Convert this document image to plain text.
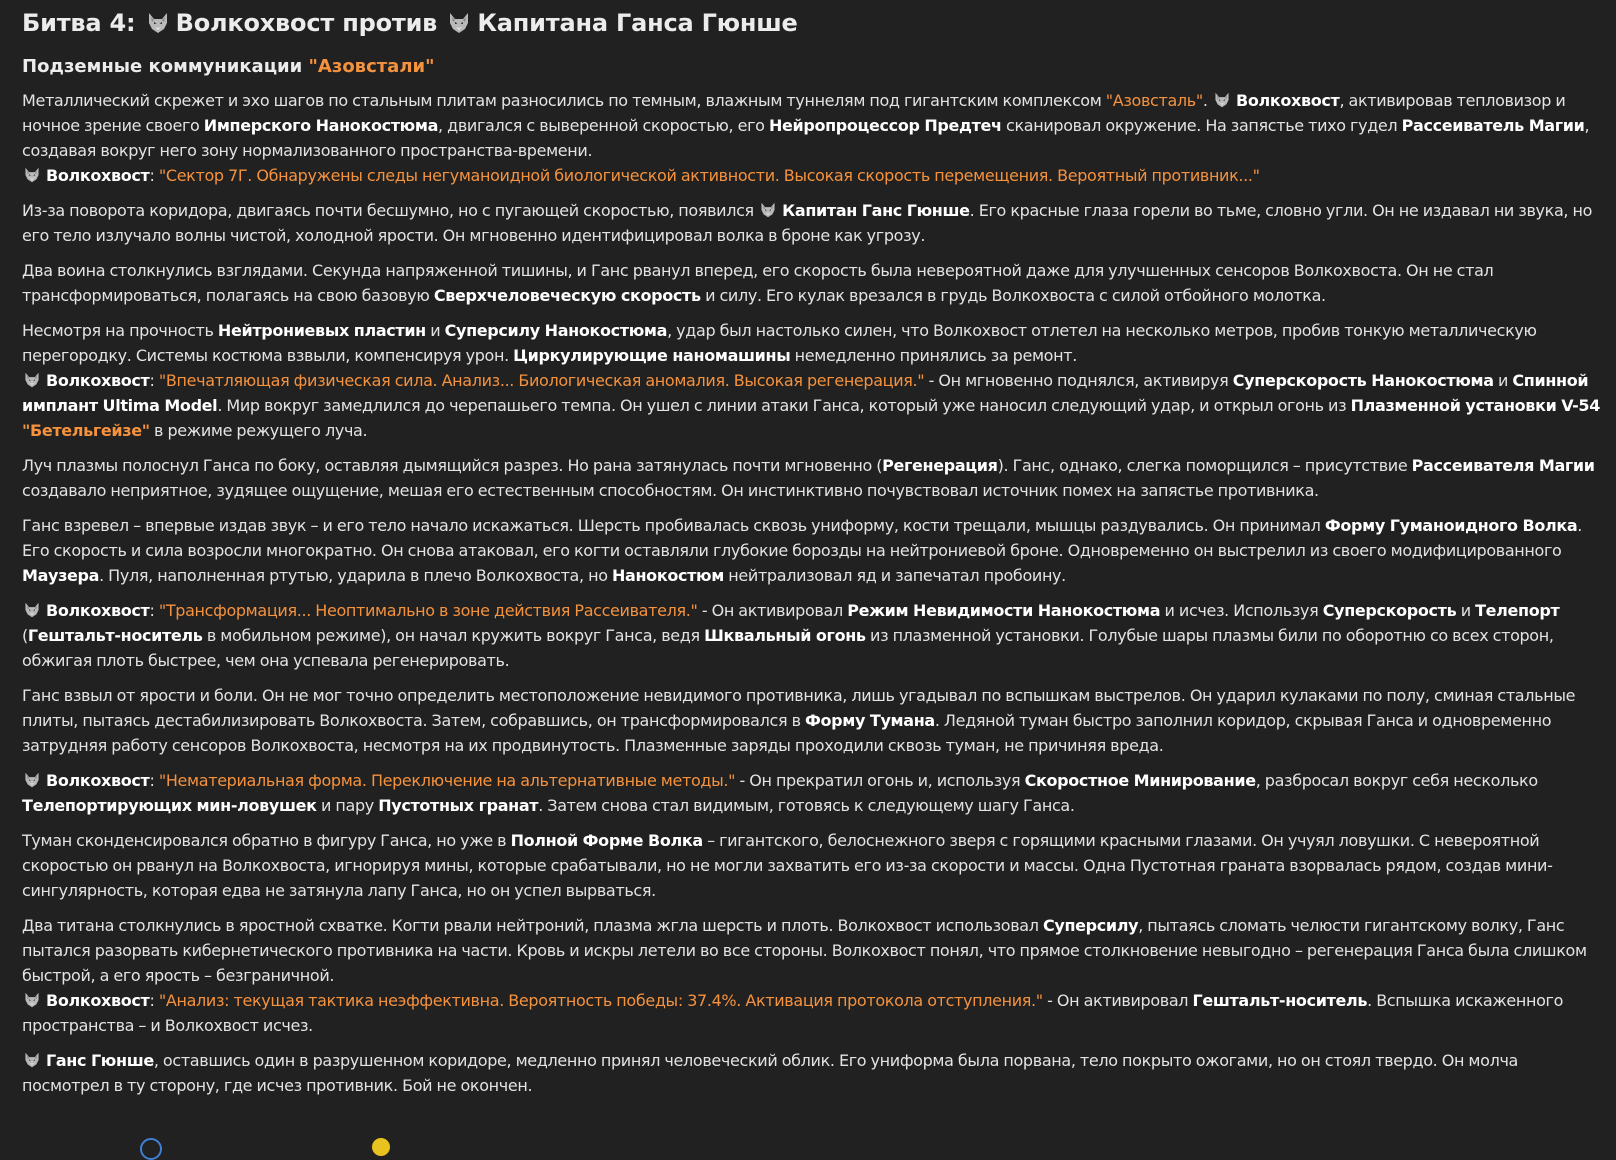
Битва 4: Волкохвост против Капитана Ганса Гюнше
Подземные коммуникации "Азовстали"

Металлический скрежет и эхо шагов по стальным плитам разносились по темным, влажным туннелям под гигантским комплексом "Азовсталь". Волкохвост, активировав тепловизор и ночное зрение своего Имперского Нанокостюма, двигался с выверенной скоростью, его Нейропроцессор Предтеч сканировал окружение. На запястье тихо гудел Рассеиватель Магии, создавая вокруг него зону нормализованного пространства-времени.

Волкохвост: "Сектор 7Г. Обнаружены следы негуманоидной биологической активности. Высокая скорость перемещения. Вероятный противник..."

Из-за поворота коридора, двигаясь почти бесшумно, но с пугающей скоростью, появился Капитан Ганс Гюнше. Его красные глаза горели во тьме, словно угли. Он не издавал ни звука, но его тело излучало волны чистой, холодной ярости. Он мгновенно идентифицировал волка в броне как угрозу.

Два воина столкнулись взглядами. Секунда напряженной тишины, и Ганс рванул вперед, его скорость была невероятной даже для улучшенных сенсоров Волкохвоста. Он не стал трансформироваться, полагаясь на свою базовую Сверхчеловеческую скорость и силу. Его кулак врезался в грудь Волкохвоста с силой отбойного молотка.

Несмотря на прочность Нейтрониевых пластин и Суперсилу Нанокостюма, удар был настолько силен, что Волкохвост отлетел на несколько метров, пробив тонкую металлическую перегородку. Системы костюма взвыли, компенсируя урон. Циркулирующие наномашины немедленно принялись за ремонт.

Волкохвост: "Впечатляющая физическая сила. Анализ... Биологическая аномалия. Высокая регенерация." - Он мгновенно поднялся, активируя Суперскорость Нанокостюма и Спинной имплант Ultima Model. Мир вокруг замедлился до черепашьего темпа. Он ушел с линии атаки Ганса, который уже наносил следующий удар, и открыл огонь из Плазменной установки V-54 "Бетельгейзе" в режиме режущего луча.

Луч плазмы полоснул Ганса по боку, оставляя дымящийся разрез. Но рана затянулась почти мгновенно (Регенерация). Ганс, однако, слегка поморщился – присутствие Рассеивателя Магии создавало неприятное, зудящее ощущение, мешая его естественным способностям. Он инстинктивно почувствовал источник помех на запястье противника.

Ганс взревел – впервые издав звук – и его тело начало искажаться. Шерсть пробивалась сквозь униформу, кости трещали, мышцы раздувались. Он принимал Форму Гуманоидного Волка. Его скорость и сила возросли многократно. Он снова атаковал, его когти оставляли глубокие борозды на нейтрониевой броне. Одновременно он выстрелил из своего модифицированного Маузера. Пуля, наполненная ртутью, ударила в плечо Волкохвоста, но Нанокостюм нейтрализовал яд и запечатал пробоину.

Волкохвост: "Трансформация... Неоптимально в зоне действия Рассеивателя." - Он активировал Режим Невидимости Нанокостюма и исчез. Используя Суперскорость и Телепорт (Гештальт-носитель в мобильном режиме), он начал кружить вокруг Ганса, ведя Шквальный огонь из плазменной установки. Голубые шары плазмы били по оборотню со всех сторон, обжигая плоть быстрее, чем она успевала регенерировать.

Ганс взвыл от ярости и боли. Он не мог точно определить местоположение невидимого противника, лишь угадывал по вспышкам выстрелов. Он ударил кулаками по полу, сминая стальные плиты, пытаясь дестабилизировать Волкохвоста. Затем, собравшись, он трансформировался в Форму Тумана. Ледяной туман быстро заполнил коридор, скрывая Ганса и одновременно затрудняя работу сенсоров Волкохвоста, несмотря на их продвинутость. Плазменные заряды проходили сквозь туман, не причиняя вреда.

Волкохвост: "Нематериальная форма. Переключение на альтернативные методы." - Он прекратил огонь и, используя Скоростное Минирование, разбросал вокруг себя несколько Телепортирующих мин-ловушек и пару Пустотных гранат. Затем снова стал видимым, готовясь к следующему шагу Ганса.

Туман сконденсировался обратно в фигуру Ганса, но уже в Полной Форме Волка – гигантского, белоснежного зверя с горящими красными глазами. Он учуял ловушки. С невероятной скоростью он рванул на Волкохвоста, игнорируя мины, которые срабатывали, но не могли захватить его из-за скорости и массы. Одна Пустотная граната взорвалась рядом, создав мини-сингулярность, которая едва не затянула лапу Ганса, но он успел вырваться.

Два титана столкнулись в яростной схватке. Когти рвали нейтроний, плазма жгла шерсть и плоть. Волкохвост использовал Суперсилу, пытаясь сломать челюсти гигантскому волку, Ганс пытался разорвать кибернетического противника на части. Кровь и искры летели во все стороны. Волкохвост понял, что прямое столкновение невыгодно – регенерация Ганса была слишком быстрой, а его ярость – безграничной.

Волкохвост: "Анализ: текущая тактика неэффективна. Вероятность победы: 37.4%. Активация протокола отступления." - Он активировал Гештальт-носитель. Вспышка искаженного пространства – и Волкохвост исчез.

Ганс Гюнше, оставшись один в разрушенном коридоре, медленно принял человеческий облик. Его униформа была порвана, тело покрыто ожогами, но он стоял твердо. Он молча посмотрел в ту сторону, где исчез противник. Бой не окончен.
